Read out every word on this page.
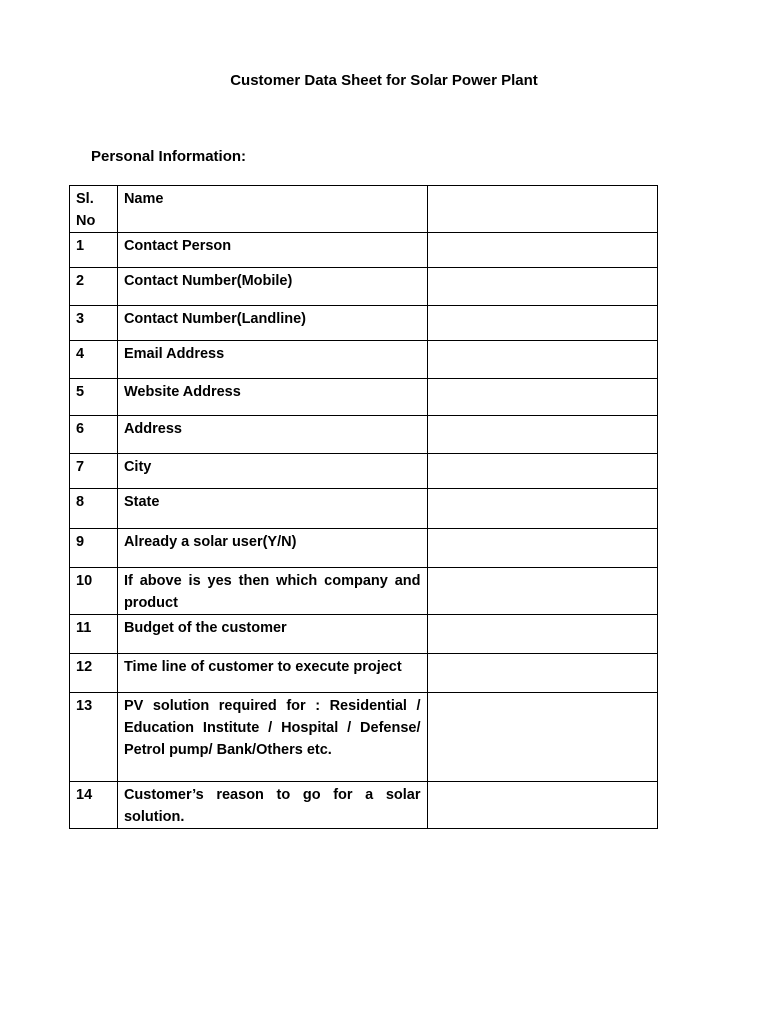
Customer Data Sheet for Solar Power Plant
Personal Information:
Sl. No	Name	
1	Contact Person	
2	Contact Number(Mobile)	
3	Contact Number(Landline)	
4	Email Address	
5	Website Address	
6	Address	
7	City	
8	State	
9	Already a solar user(Y/N)	
10	If above is yes then which company and product	
11	Budget of the customer	
12	Time line of customer to execute project	
13	PV solution required for : Residential / Education Institute / Hospital / Defense/ Petrol pump/ Bank/Others etc.	
14	Customer’s reason to go for a solar solution.	
